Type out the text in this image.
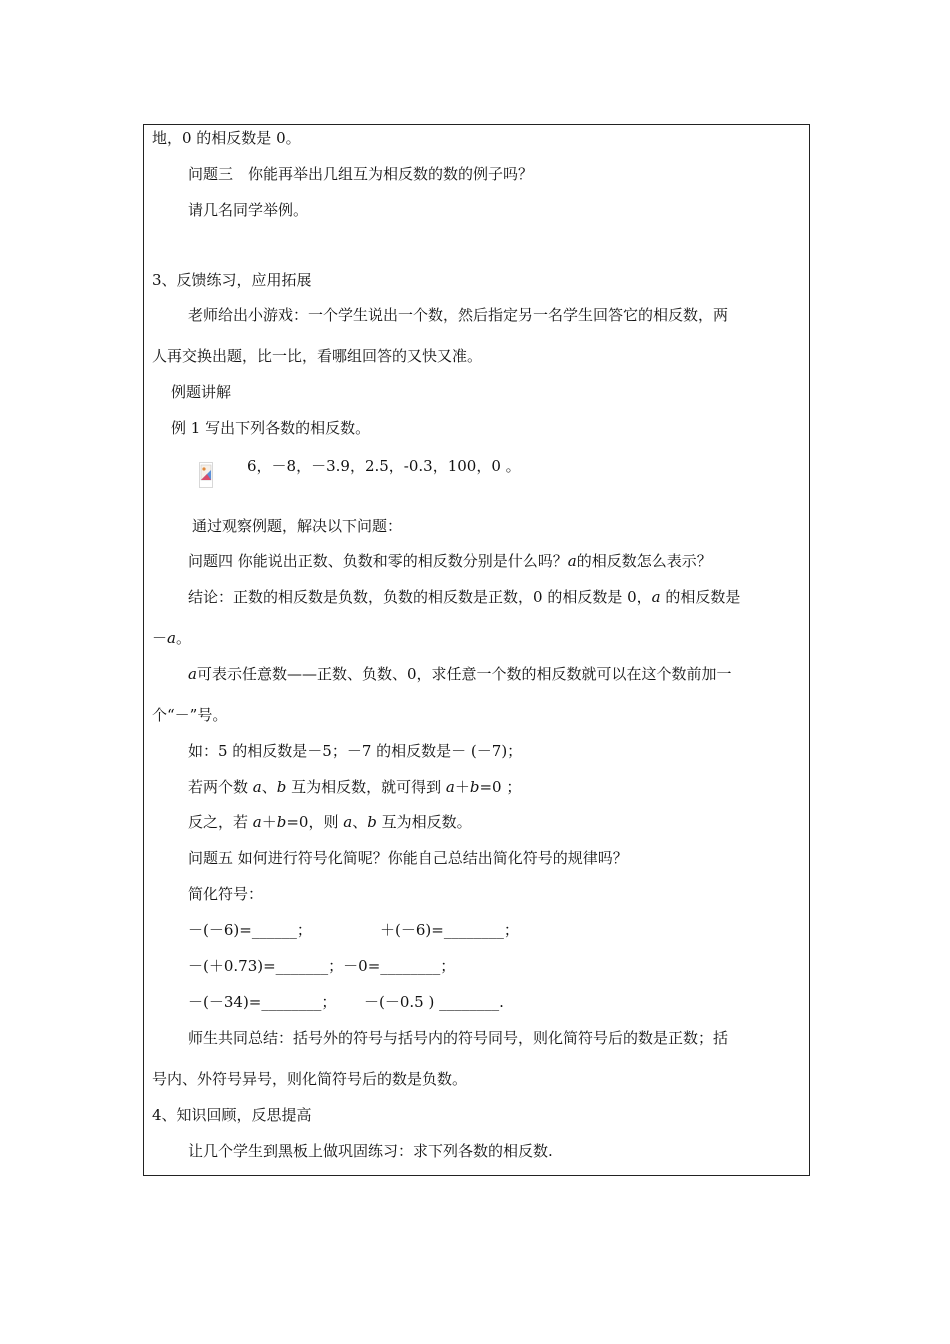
地，0 的相反数是 0。
问题三　你能再举出几组互为相反数的数的例子吗？
请几名同学举例。
3、反馈练习，应用拓展
老师给出小游戏：一个学生说出一个数，然后指定另一名学生回答它的相反数，两
人再交换出题，比一比，看哪组回答的又快又准。
例题讲解
例 1 写出下列各数的相反数。
6，－8，－3.9，2.5，-0.3，100，0 。
通过观察例题，解决以下问题：
问题四 你能说出正数、负数和零的相反数分别是什么吗？a的相反数怎么表示？
结论：正数的相反数是负数，负数的相反数是正数，0 的相反数是 0，a 的相反数是
－a。
a可表示任意数——正数、负数、0，求任意一个数的相反数就可以在这个数前加一
个“－”号。
如：5 的相反数是－5；－7 的相反数是－ (－7)；
若两个数 a、b 互为相反数，就可得到 a＋b=0 ；
反之，若 a＋b=0，则 a、b 互为相反数。
问题五 如何进行符号化简呢？你能自己总结出简化符号的规律吗？
简化符号：
－(－6)=______；	＋(－6)=________；
－(＋0.73)=_______；－0=________；
－(－34)=________； －(－0.5 ) ________.
师生共同总结：括号外的符号与括号内的符号同号，则化简符号后的数是正数；括
号内、外符号异号，则化简符号后的数是负数。
4、知识回顾，反思提高
让几个学生到黑板上做巩固练习：求下列各数的相反数.
